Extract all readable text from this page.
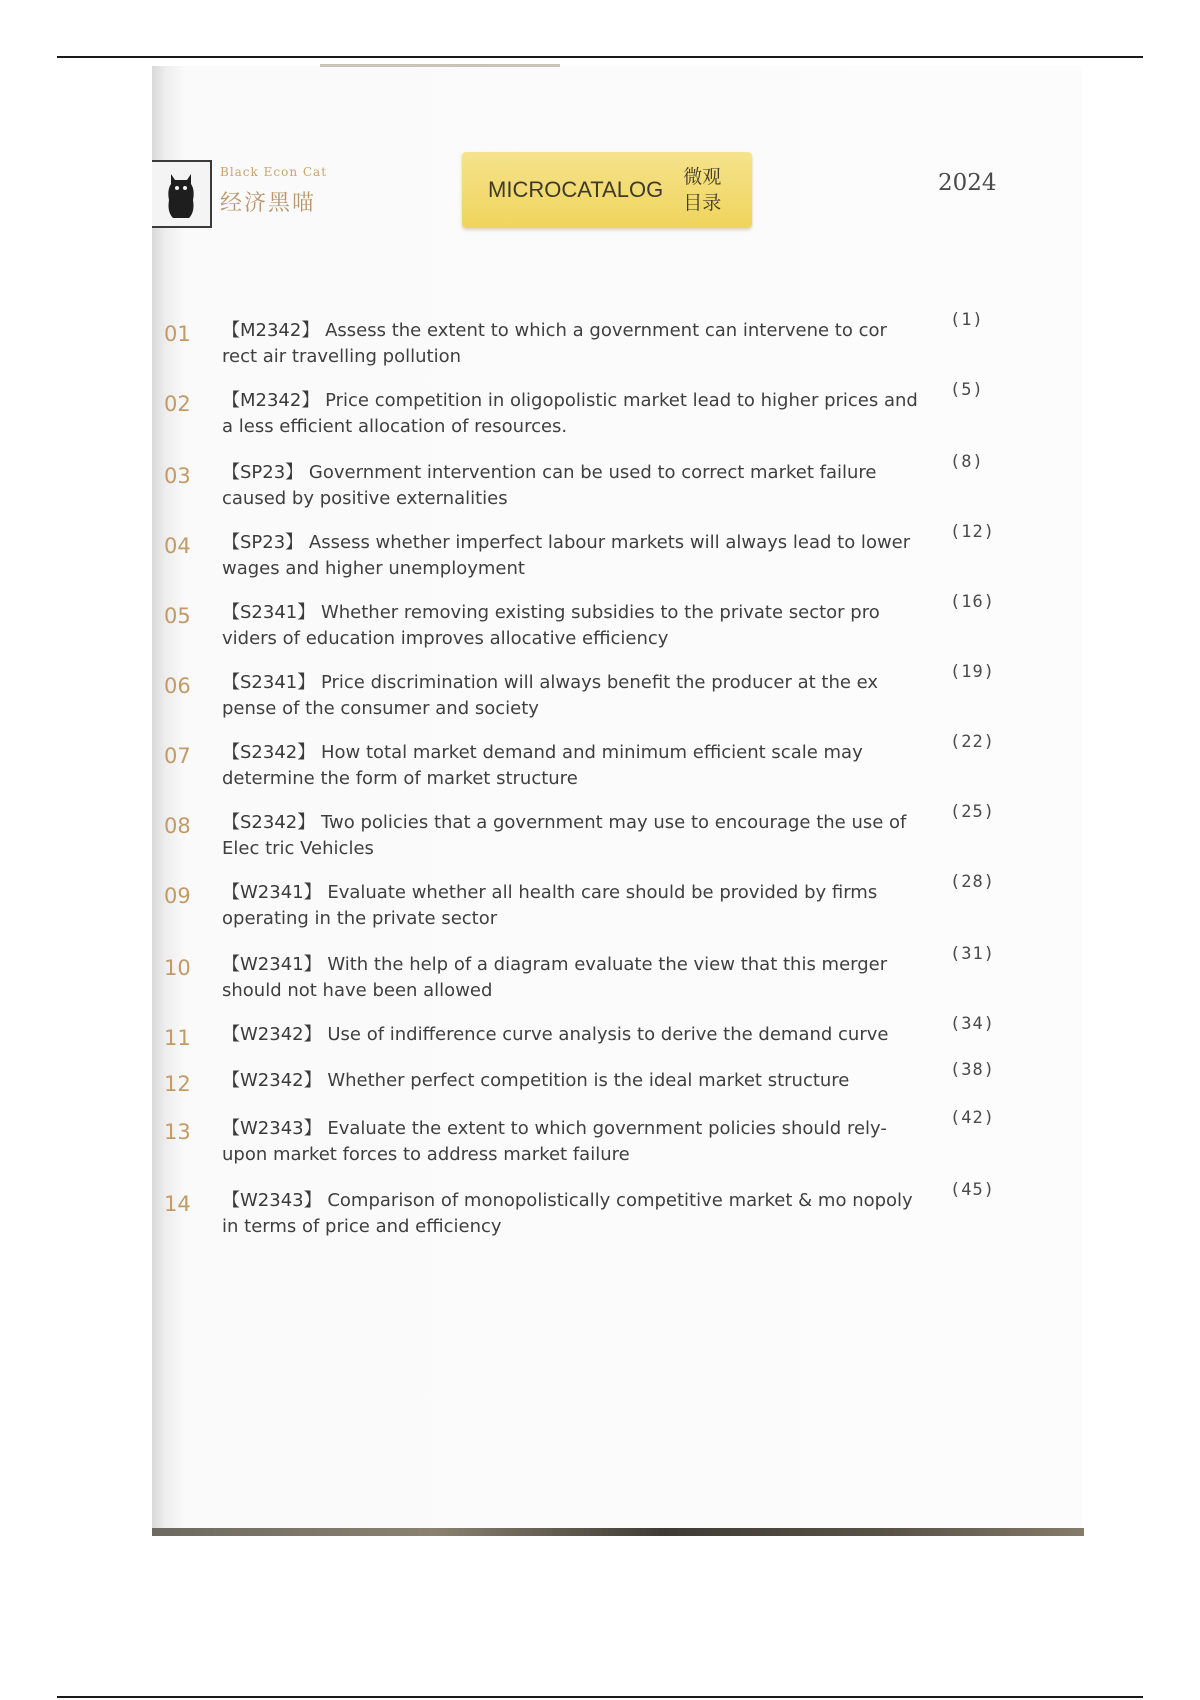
Black Econ Cat
经济黑喵
MICROCATALOG 微观
目录
2024
01 【M2342】 Assess the extent to which a government can intervene to cor rect air travelling pollution
(1)
02 【M2342】 Price competition in oligopolistic market lead to higher prices and a less efficient allocation of resources.
(5)
03 【SP23】 Government intervention can be used to correct market failure caused by positive externalities
(8)
04 【SP23】 Assess whether imperfect labour markets will always lead to lower wages and higher unemployment
(12)
05 【S2341】 Whether removing existing subsidies to the private sector pro viders of education improves allocative efficiency
(16)
06 【S2341】 Price discrimination will always benefit the producer at the ex pense of the consumer and society
(19)
07 【S2342】 How total market demand and minimum efficient scale may determine the form of market structure
(22)
08 【S2342】 Two policies that a government may use to encourage the use of Elec tric Vehicles
(25)
09 【W2341】 Evaluate whether all health care should be provided by firms operating in the private sector
(28)
10 【W2341】 With the help of a diagram evaluate the view that this merger should not have been allowed
(31)
11 【W2342】 Use of indifference curve analysis to derive the demand curve	(34)
12 【W2342】 Whether perfect competition is the ideal market structure	(38)
13 【W2343】 Evaluate the extent to which government policies should rely-upon market forces to address market failure
(42)
14 【W2343】 Comparison of monopolistically competitive market & mo nopoly in terms of price and efficiency
(45)
